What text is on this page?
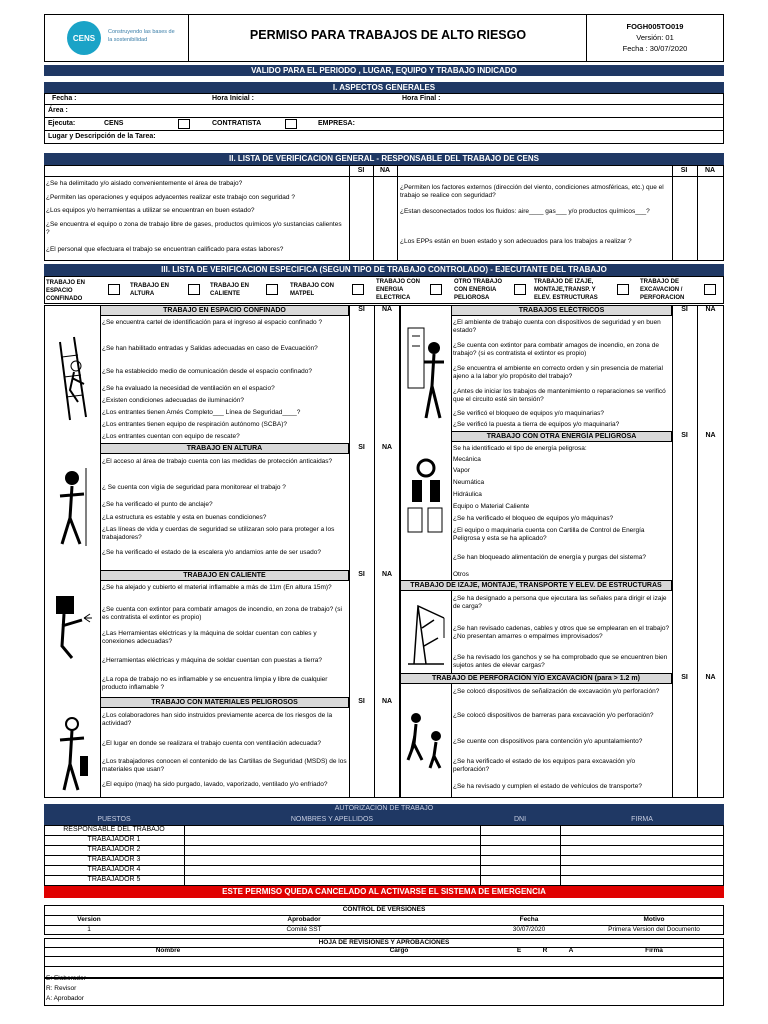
CENS
Construyendo las bases de la sostenibilidad	PERMISO PARA TRABAJOS DE ALTO RIESGO
FOGH005TO019
Versión: 01
Fecha : 30/07/2020
VALIDO PARA EL PERIODO , LUGAR, EQUIPO Y TRABAJO INDICADO
I. ASPECTOS GENERALES
Fecha :	Hora Inicial :	Hora Final :
Área :
Ejecuta:	CENS	CONTRATISTA	EMPRESA:
Lugar y Descripción de la Tarea:
II. LISTA DE VERIFICACION GENERAL - RESPONSABLE DEL TRABAJO DE CENS
SI	NA	SI	NA
¿Se ha delimitado y/o aislado convenientemente el área de trabajo?
¿Permiten las operaciones y equipos adyacentes realizar este trabajo con seguridad ?
¿Los equipos y/o herramientas a utilizar se encuentran en buen estado?
¿Se encuentra el equipo o zona de trabajo libre de gases, productos químicos y/o sustancias calientes ?
¿El personal que efectuara el trabajo se encuentran calificado para estas labores?
¿Permiten los factores externos (dirección del viento, condiciones atmosféricas, etc.) que el trabajo se realice con seguridad?
¿Estan desconectados todos los fluidos: aire____ gas___ y/o productos químicos___?
¿Los EPPs están en buen estado y son adecuados para los trabajos a realizar ?
III. LISTA DE VERIFICACION ESPECIFICA (SEGUN TIPO DE TRABAJO CONTROLADO) - EJECUTANTE DEL TRABAJO
TRABAJO EN ESPACIO CONFINADO
TRABAJO EN ALTURA
TRABAJO EN CALIENTE
TRABAJO CON MATPEL
TRABAJO CON ENERGIA ELECTRICA
OTRO TRABAJO CON ENERGIA PELIGROSA
TRABAJO DE IZAJE, MONTAJE,TRANSP. Y ELEV. ESTRUCTURAS
TRABAJO DE EXCAVACION / PERFORACION
TRABAJO EN ESPACIO CONFINADO	SI	NA
¿Se encuentra cartel de identificación para el ingreso al espacio confinado ?
¿Se han habilitado entradas y Salidas adecuadas en caso de Evacuación?
¿Se ha establecido medio de comunicación desde el espacio confinado?
¿Se ha evaluado la necesidad de ventilación en el espacio?
¿Existen condiciones adecuadas de iluminación?
¿Los entrantes tienen Arnés Completo___ Línea de Seguridad____?
¿Los entrantes tienen equipo de respiración autónomo (SCBA)?
¿Los entrantes cuentan con equipo de rescate?
TRABAJO EN ALTURA	SI	NA
¿El acceso al área de trabajo cuenta con las medidas de protección anticaidas?
¿ Se cuenta con vigía de seguridad para monitorear el trabajo ?
¿Se ha verificado el punto de anclaje?
¿La estructura es estable y esta en buenas condiciones?
¿Las líneas de vida y cuerdas de seguridad se utilizaran solo para proteger a los trabajadores?
¿Se ha verificado el estado de la escalera y/o andamios ante de ser usado?
TRABAJO EN CALIENTE	SI	NA
¿Se ha alejado y cubierto el material inflamable a más de 11m (En altura 15m)?
¿Se cuenta con extintor para combatir amagos de incendio, en zona de trabajo? (si es contratista el extintor es propio)
¿Las Herramientas eléctricas y la máquina de soldar cuentan con cables y conexiones adecuadas?
¿Herramientas eléctricas y máquina de soldar cuentan con puestas a tierra?
¿La ropa de trabajo no es inflamable y se encuentra limpia y libre de cualquier producto inflamable ?
TRABAJO CON MATERIALES PELIGROSOS	SI	NA
¿Los colaboradores han sido instruidos previamente acerca de los riesgos de la actividad?
¿El lugar en donde se realizara el trabajo cuenta con ventilación adecuada?
¿Los trabajadores conocen el contenido de las Cartillas de Seguridad (MSDS) de los materiales que usan?
¿El equipo (maq) ha sido purgado, lavado, vaporizado, ventilado y/o enfriado?
TRABAJOS ELÉCTRICOS	SI	NA
¿El ambiente de trabajo cuenta con dispositivos de seguridad y en buen estado?
¿Se cuenta con extintor para combatir amagos de incendio, en zona de trabajo? (si es contratista el extintor es propio)
¿Se encuentra el ambiente en correcto orden y sin presencia de material ajeno a la labor y/o propósito del trabajo?
¿Antes de iniciar los trabajos de mantenimiento o reparaciones se verificó que el circuito esté sin tensión?
¿Se verificó el bloqueo de equipos y/o maquinarias?
¿Se verificó la puesta a tierra de equipos y/o maquinaria?
TRABAJO CON OTRA ENERGÍA PELIGROSA	SI	NA
Se ha identificado el tipo de energía peligrosa:
Mecánica
Vapor
Neumática
Hidráulica
Equipo o Material Caliente
¿Se ha verificado el bloqueo de equipos y/o máquinas?
¿El equipo o maquinaria cuenta con Cartilla de Control de Energía Peligrosa y esta se ha aplicado?
¿Se han bloqueado alimentación de energía y purgas del sistema?
Otros
TRABAJO DE IZAJE, MONTAJE, TRANSPORTE Y ELEV. DE ESTRUCTURAS
¿Se ha designado a persona que ejecutara las señales para dirigir el izaje de carga?
¿Se han revisado cadenas, cables y otros que se emplearan en el trabajo? ¿No presentan amarres o empalmes improvisados?
¿Se ha revisado los ganchos y se ha comprobado que se encuentren bien sujetos antes de elevar cargas?
TRABAJO DE PERFORACIÓN Y/O EXCAVACIÓN (para > 1.2 m)	SI	NA
¿Se colocó dispositivos de señalización de excavación y/o perforación?
¿Se colocó dispositivos de barreras para excavación y/o perforación?
¿Se cuente con dispositivos para contención y/o apuntalamiento?
¿Se ha verificado el estado de los equipos para excavación y/o perforación?
¿Se ha revisado y cumplen el estado de vehículos de transporte?
AUTORIZACION DE TRABAJO
PUESTOS	NOMBRES Y APELLIDOS	DNI	FIRMA
RESPONSABLE DEL TRABAJO
TRABAJADOR 1
TRABAJADOR 2
TRABAJADOR 3
TRABAJADOR 4
TRABAJADOR 5
ESTE PERMISO QUEDA CANCELADO AL ACTIVARSE EL SISTEMA DE EMERGENCIA
CONTROL DE VERSIONES
Version	Aprobador	Fecha	Motivo
1	Comité SST	30/07/2020	Primera Version del Documento
HOJA DE REVISIONES Y APROBACIONES
Nombre	Cargo	E	R	A	Firma
E: Elaborador
R: Revisor
A: Aprobador
